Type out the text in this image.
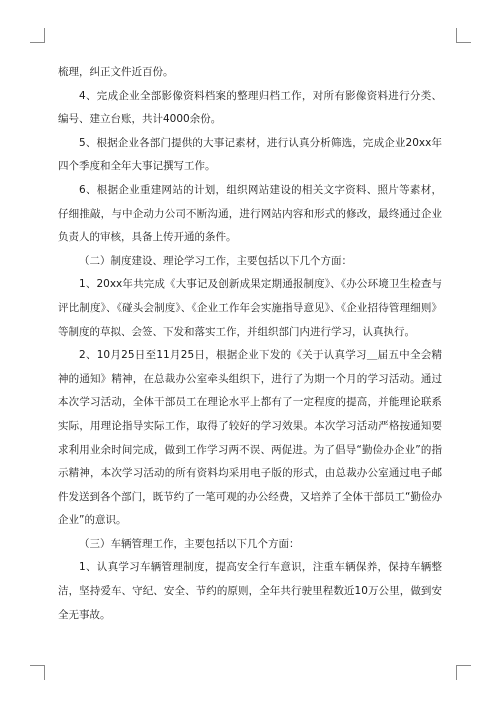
梳理，纠正文件近百份。

4、完成企业全部影像资料档案的整理归档工作，对所有影像资料进行分类、编号、建立台账，共计4000余份。

5、根据企业各部门提供的大事记素材，进行认真分析筛选，完成企业20xx年四个季度和全年大事记撰写工作。

6、根据企业重建网站的计划，组织网站建设的相关文字资料、照片等素材，仔细推敲，与中企动力公司不断沟通，进行网站内容和形式的修改，最终通过企业负责人的审核，具备上传开通的条件。

（二）制度建设、理论学习工作，主要包括以下几个方面：

1、20xx年共完成《大事记及创新成果定期通报制度》、《办公环境卫生检查与评比制度》、《碰头会制度》、《企业工作年会实施指导意见》、《企业招待管理细则》等制度的草拟、会签、下发和落实工作，并组织部门内进行学习，认真执行。

2、10月25日至11月25日，根据企业下发的《关于认真学习＿届五中全会精神的通知》精神，在总裁办公室牵头组织下，进行了为期一个月的学习活动。通过本次学习活动，全体干部员工在理论水平上都有了一定程度的提高，并能理论联系实际，用理论指导实际工作，取得了较好的学习效果。本次学习活动严格按通知要求利用业余时间完成，做到工作学习两不误、两促进。为了倡导“勤俭办企业”的指示精神，本次学习活动的所有资料均采用电子版的形式，由总裁办公室通过电子邮件发送到各个部门，既节约了一笔可观的办公经费，又培养了全体干部员工“勤俭办企业”的意识。

（三）车辆管理工作，主要包括以下几个方面：

1、认真学习车辆管理制度，提高安全行车意识，注重车辆保养，保持车辆整洁，坚持爱车、守纪、安全、节约的原则，全年共行驶里程数近10万公里，做到安全无事故。
